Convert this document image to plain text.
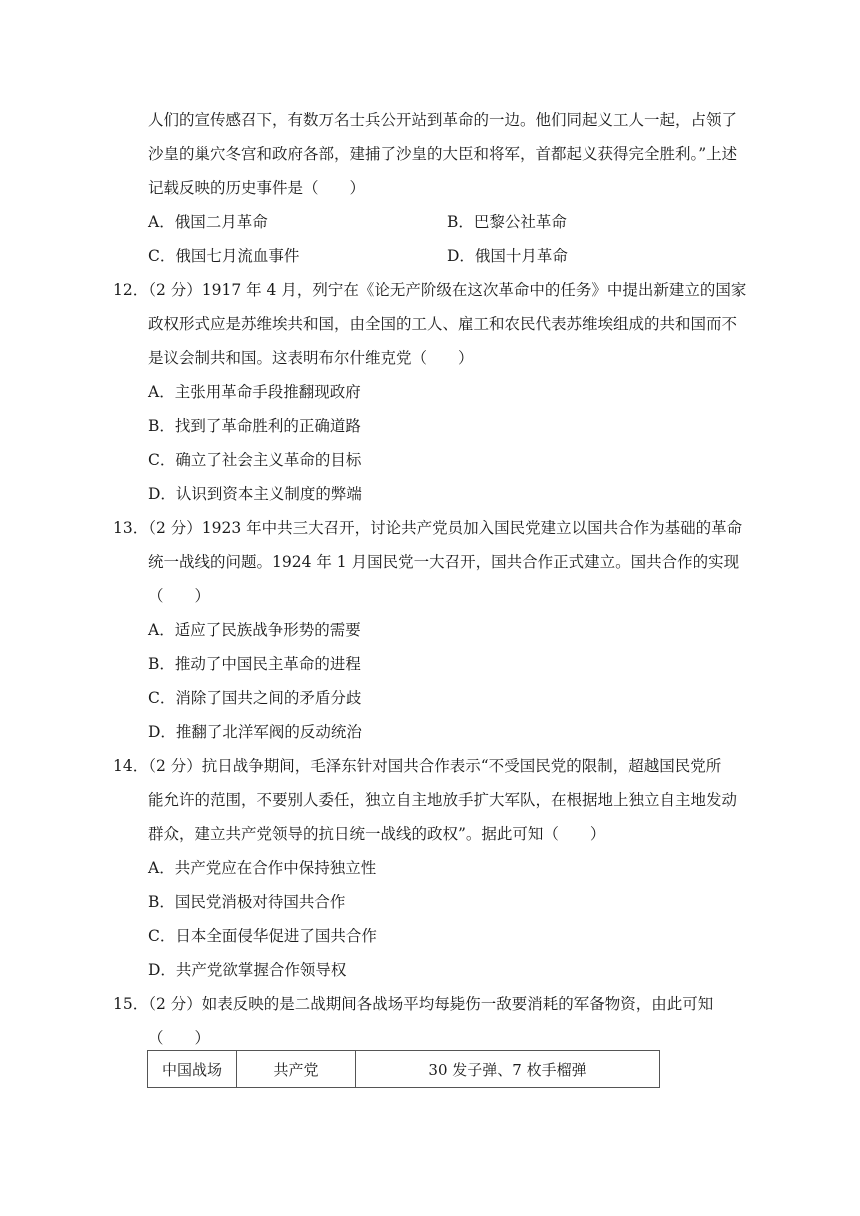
人们的宣传感召下，有数万名士兵公开站到革命的一边。他们同起义工人一起，占领了
沙皇的巢穴冬宫和政府各部，建捕了沙皇的大臣和将军，首都起义获得完全胜利。”上述
记载反映的历史事件是（　　）
A．俄国二月革命	B．巴黎公社革命
C．俄国七月流血事件	D．俄国十月革命
12．（2 分）1917 年 4 月，列宁在《论无产阶级在这次革命中的任务》中提出新建立的国家
政权形式应是苏维埃共和国，由全国的工人、雇工和农民代表苏维埃组成的共和国而不
是议会制共和国。这表明布尔什维克党（　　）
A．主张用革命手段推翻现政府
B．找到了革命胜利的正确道路
C．确立了社会主义革命的目标
D．认识到资本主义制度的弊端
13．（2 分）1923 年中共三大召开，讨论共产党员加入国民党建立以国共合作为基础的革命
统一战线的问题。1924 年 1 月国民党一大召开，国共合作正式建立。国共合作的实现
（　　）
A．适应了民族战争形势的需要
B．推动了中国民主革命的进程
C．消除了国共之间的矛盾分歧
D．推翻了北洋军阀的反动统治
14．（2 分）抗日战争期间，毛泽东针对国共合作表示“不受国民党的限制，超越国民党所
能允许的范围，不要别人委任，独立自主地放手扩大军队，在根据地上独立自主地发动
群众，建立共产党领导的抗日统一战线的政权”。据此可知（　　）
A．共产党应在合作中保持独立性
B．国民党消极对待国共合作
C．日本全面侵华促进了国共合作
D．共产党欲掌握合作领导权
15．（2 分）如表反映的是二战期间各战场平均每毙伤一敌要消耗的军备物资，由此可知
（　　）
中国战场	共产党	30 发子弹、7 枚手榴弹
